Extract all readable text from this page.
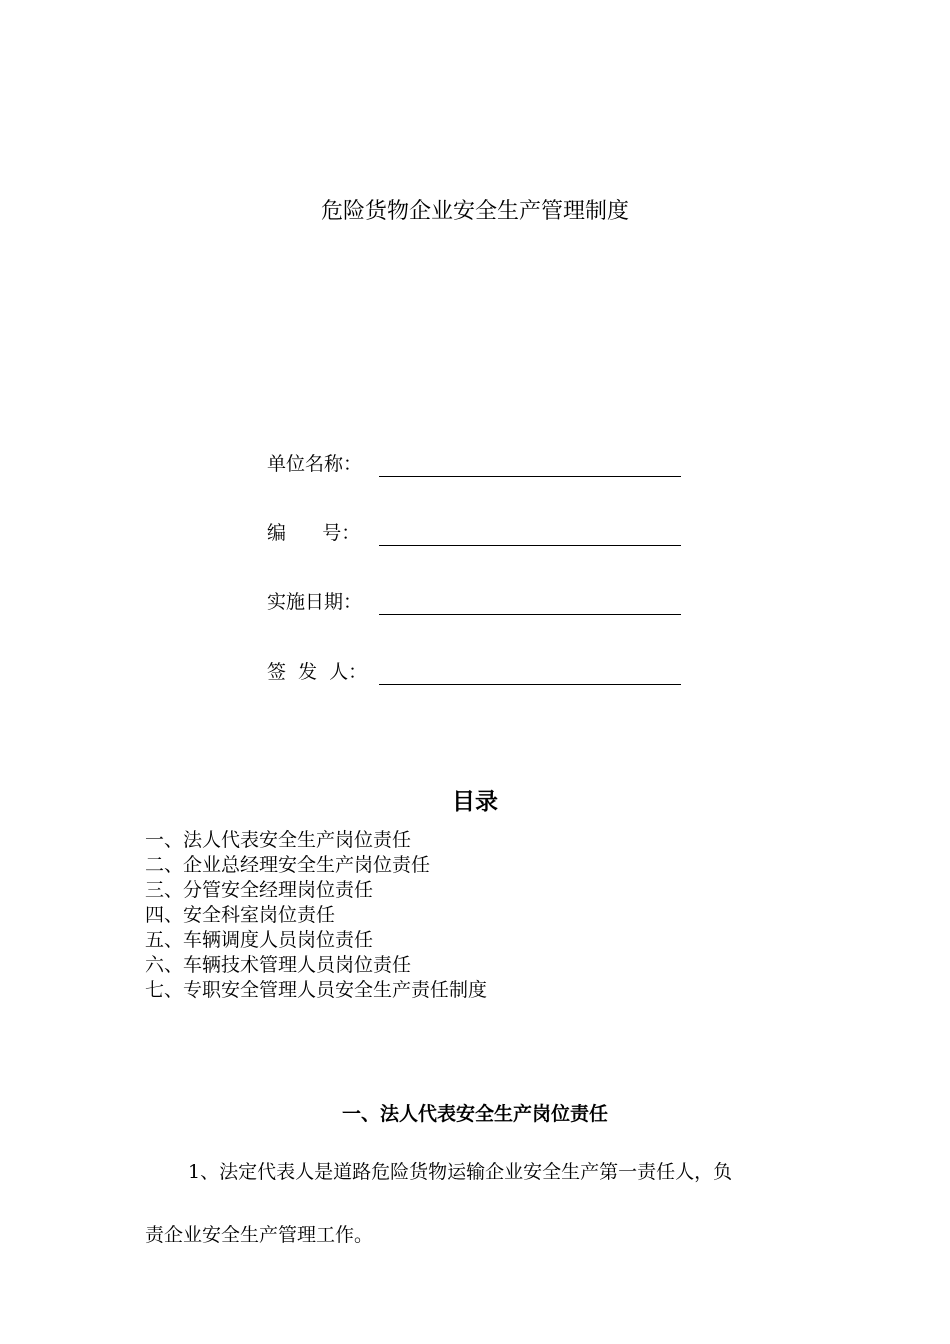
危险货物企业安全生产管理制度
单位名称：
编      号：
实施日期：
签  发  人：
目录
一、法人代表安全生产岗位责任
二、企业总经理安全生产岗位责任
三、分管安全经理岗位责任
四、安全科室岗位责任
五、车辆调度人员岗位责任
六、车辆技术管理人员岗位责任
七、专职安全管理人员安全生产责任制度
一、法人代表安全生产岗位责任
1、法定代表人是道路危险货物运输企业安全生产第一责任人，负
责企业安全生产管理工作。
